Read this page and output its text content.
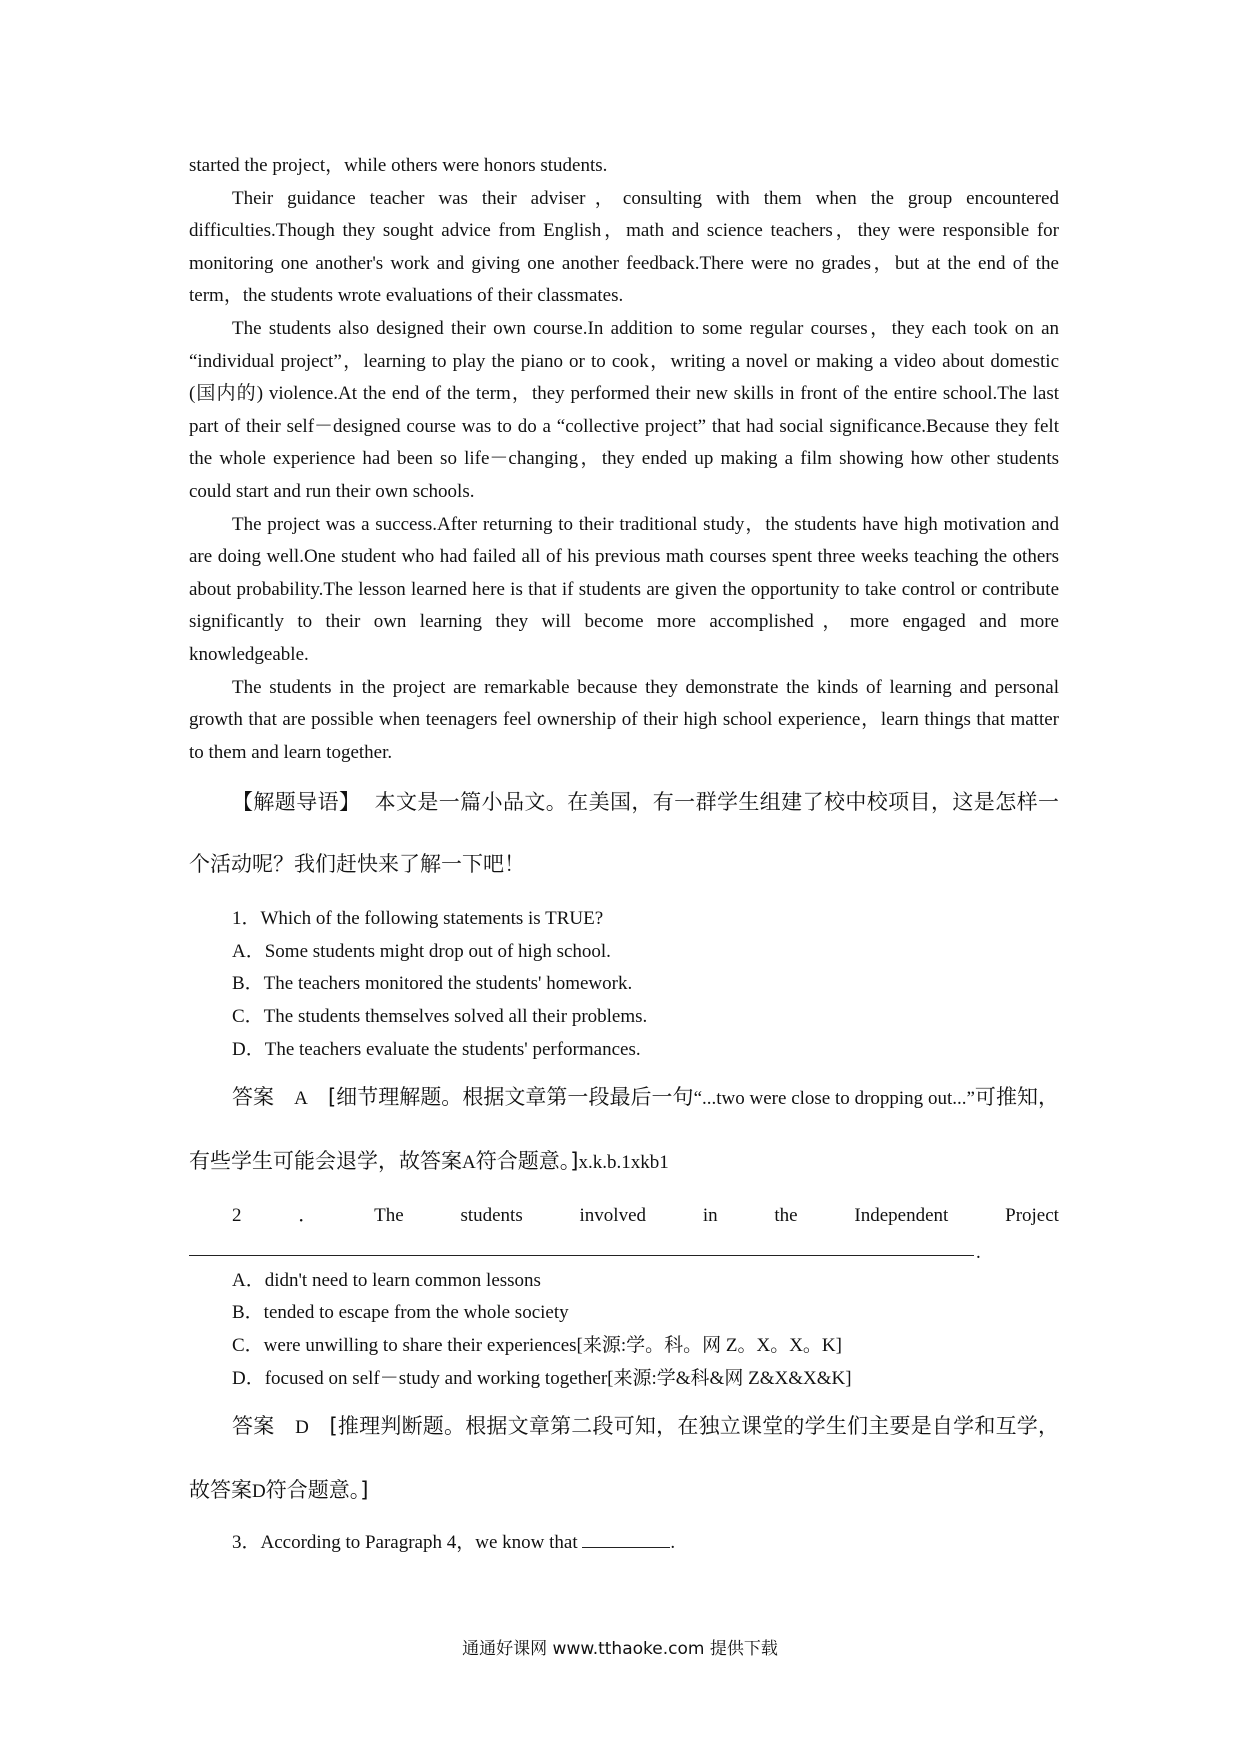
started the project，while others were honors students.

Their guidance teacher was their adviser，consulting with them when the group encountered difficulties.Though they sought advice from English，math and science teachers，they were responsible for monitoring one another's work and giving one another feedback.There were no grades，but at the end of the term，the students wrote evaluations of their classmates.

The students also designed their own course.In addition to some regular courses，they each took on an “individual project”，learning to play the piano or to cook，writing a novel or making a video about domestic (国内的) violence.At the end of the term，they performed their new skills in front of the entire school.The last part of their self－designed course was to do a “collective project” that had social significance.Because they felt the whole experience had been so life－changing，they ended up making a film showing how other students could start and run their own schools.

The project was a success.After returning to their traditional study，the students have high motivation and are doing well.One student who had failed all of his previous math courses spent three weeks teaching the others about probability.The lesson learned here is that if students are given the opportunity to take control or contribute significantly to their own learning they will become more accomplished，more engaged and more knowledgeable.

The students in the project are remarkable because they demonstrate the kinds of learning and personal growth that are possible when teenagers feel ownership of their high school experience，learn things that matter to them and learn together.

【解题导语】 本文是一篇小品文。在美国，有一群学生组建了校中校项目，这是怎样一个活动呢？我们赶快来了解一下吧！

1．Which of the following statements is TRUE?

A．Some students might drop out of high school.

B．The teachers monitored the students' homework.

C．The students themselves solved all their problems.

D．The teachers evaluate the students' performances.

答案 A [细节理解题。根据文章第一段最后一句“...two were close to dropping out...”可推知，有些学生可能会退学，故答案A符合题意。]x.k.b.1xkb1

2	．	The	students	involved	in	the	Independent	Project
.

A．didn't need to learn common lessons

B．tended to escape from the whole society

C．were unwilling to share their experiences[来源:学。科。网 Z。X。X。K]

D．focused on self－study and working together[来源:学&科&网 Z&X&X&K]

答案 D [推理判断题。根据文章第二段可知，在独立课堂的学生们主要是自学和互学，故答案D符合题意。]

3．According to Paragraph 4，we know that	.

通通好课网 www.tthaoke.com 提供下载
